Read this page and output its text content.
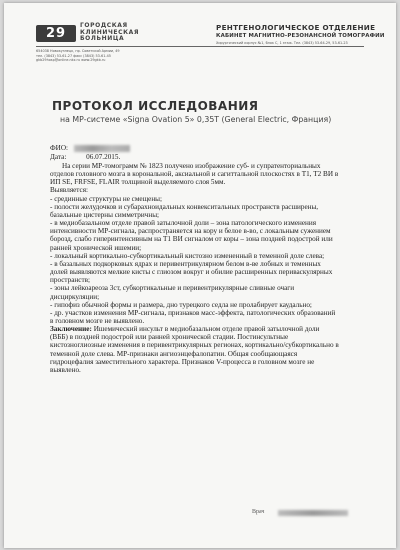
29
ГОРОДСКАЯ
КЛИНИЧЕСКАЯ
БОЛЬНИЦА
654038 Новокузнецк, пр. Советской Армии, 49
тел. (3843) 53-61-27 факс (3843) 53-61-45
gkb29hosp@online.nkz.ru www.29gkb.ru
РЕНТГЕНОЛОГИЧЕСКОЕ ОТДЕЛЕНИЕ
КАБИНЕТ МАГНИТНО-РЕЗОНАНСНОЙ ТОМОГРАФИИ
Хирургический корпус №1, блок С, 1 этаж. Тел. (3843) 53-64-29, 53-61-23
ПРОТОКОЛ ИССЛЕДОВАНИЯ
на МР-системе «Signa Ovation 5» 0,35T (General Electric, Франция)
ФИО:
Дата:	06.07.2015.
На серии МР-томограмм № 1823 получено изображение суб- и супратенториальных
отделов головного мозга в корональной, аксиальной и сагиттальной плоскостях в Т1, Т2 ВИ в
ИП SE, FRFSE, FLAIR толщиной выделяемого слоя 5мм.
Выявляется:
- срединные структуры не смещены;
- полости желудочков и субарахноидальных конвекситальных пространств расширены,
базальные цистерны симметричны;
- в медиобазальном отделе правой затылочной доли – зона патологического изменения
интенсивности МР-сигнала, распространяется на кору и белое в-во, с локальным сужением
борозд, слабо гиперинтенсивным на Т1 ВИ сигналом от коры – зона поздней подострой или
ранней хронической ишемии;
- локальный кортикально-субкортикальный кистозно измененный в теменной доле слева;
- в базальных подкорковых ядрах и перивентрикулярном белом в-ве лобных и теменных
долей выявляются мелкие кисты с глиозом вокруг и обилие расширенных периваскулярных
пространств;
- зоны лейкоареоза 3ст, субкортикальные и перивентрикулярные сливные очаги
дисциркуляции;
- гипофиз обычной формы и размера, дно турецкого седла не пролабирует каудально;
- др. участков изменения МР-сигнала, признаков масс-эффекта, патологических образований
в головном мозге не выявлено.
Заключение: Ишемический инсульт в медиобазальном отделе правой затылочной доли
(ВББ) в поздней подострой или ранней хронической стадии. Постинсультные
кистозноглиозные изменения в перивентрикулярных регионах, кортикально/субкортикально в
теменной доле слева. МР-признаки ангиоэнцефалопатии. Общая сообщающаяся
гидроцефалия заместительного характера. Признаков V-процесса в головном мозге не
выявлено.
Врач
